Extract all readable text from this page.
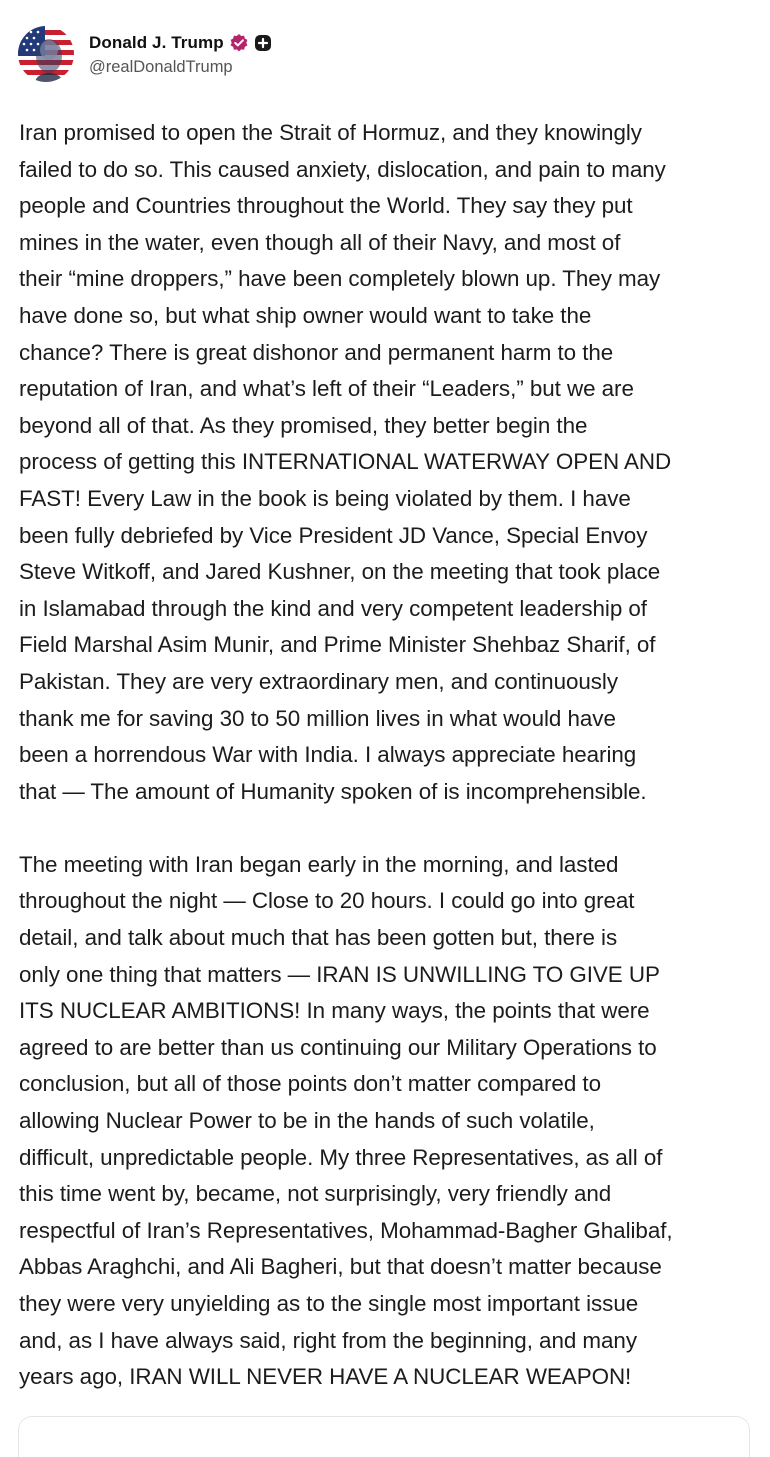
Donald J. Trump
@realDonaldTrump

Iran promised to open the Strait of Hormuz, and they knowingly
failed to do so. This caused anxiety, dislocation, and pain to many
people and Countries throughout the World. They say they put
mines in the water, even though all of their Navy, and most of
their “mine droppers,” have been completely blown up. They may
have done so, but what ship owner would want to take the
chance? There is great dishonor and permanent harm to the
reputation of Iran, and what’s left of their “Leaders,” but we are
beyond all of that. As they promised, they better begin the
process of getting this INTERNATIONAL WATERWAY OPEN AND
FAST! Every Law in the book is being violated by them. I have
been fully debriefed by Vice President JD Vance, Special Envoy
Steve Witkoff, and Jared Kushner, on the meeting that took place
in Islamabad through the kind and very competent leadership of
Field Marshal Asim Munir, and Prime Minister Shehbaz Sharif, of
Pakistan. They are very extraordinary men, and continuously
thank me for saving 30 to 50 million lives in what would have
been a horrendous War with India. I always appreciate hearing
that — The amount of Humanity spoken of is incomprehensible.

The meeting with Iran began early in the morning, and lasted
throughout the night — Close to 20 hours. I could go into great
detail, and talk about much that has been gotten but, there is
only one thing that matters — IRAN IS UNWILLING TO GIVE UP
ITS NUCLEAR AMBITIONS! In many ways, the points that were
agreed to are better than us continuing our Military Operations to
conclusion, but all of those points don’t matter compared to
allowing Nuclear Power to be in the hands of such volatile,
difficult, unpredictable people. My three Representatives, as all of
this time went by, became, not surprisingly, very friendly and
respectful of Iran’s Representatives, Mohammad-Bagher Ghalibaf,
Abbas Araghchi, and Ali Bagheri, but that doesn’t matter because
they were very unyielding as to the single most important issue
and, as I have always said, right from the beginning, and many
years ago, IRAN WILL NEVER HAVE A NUCLEAR WEAPON!
